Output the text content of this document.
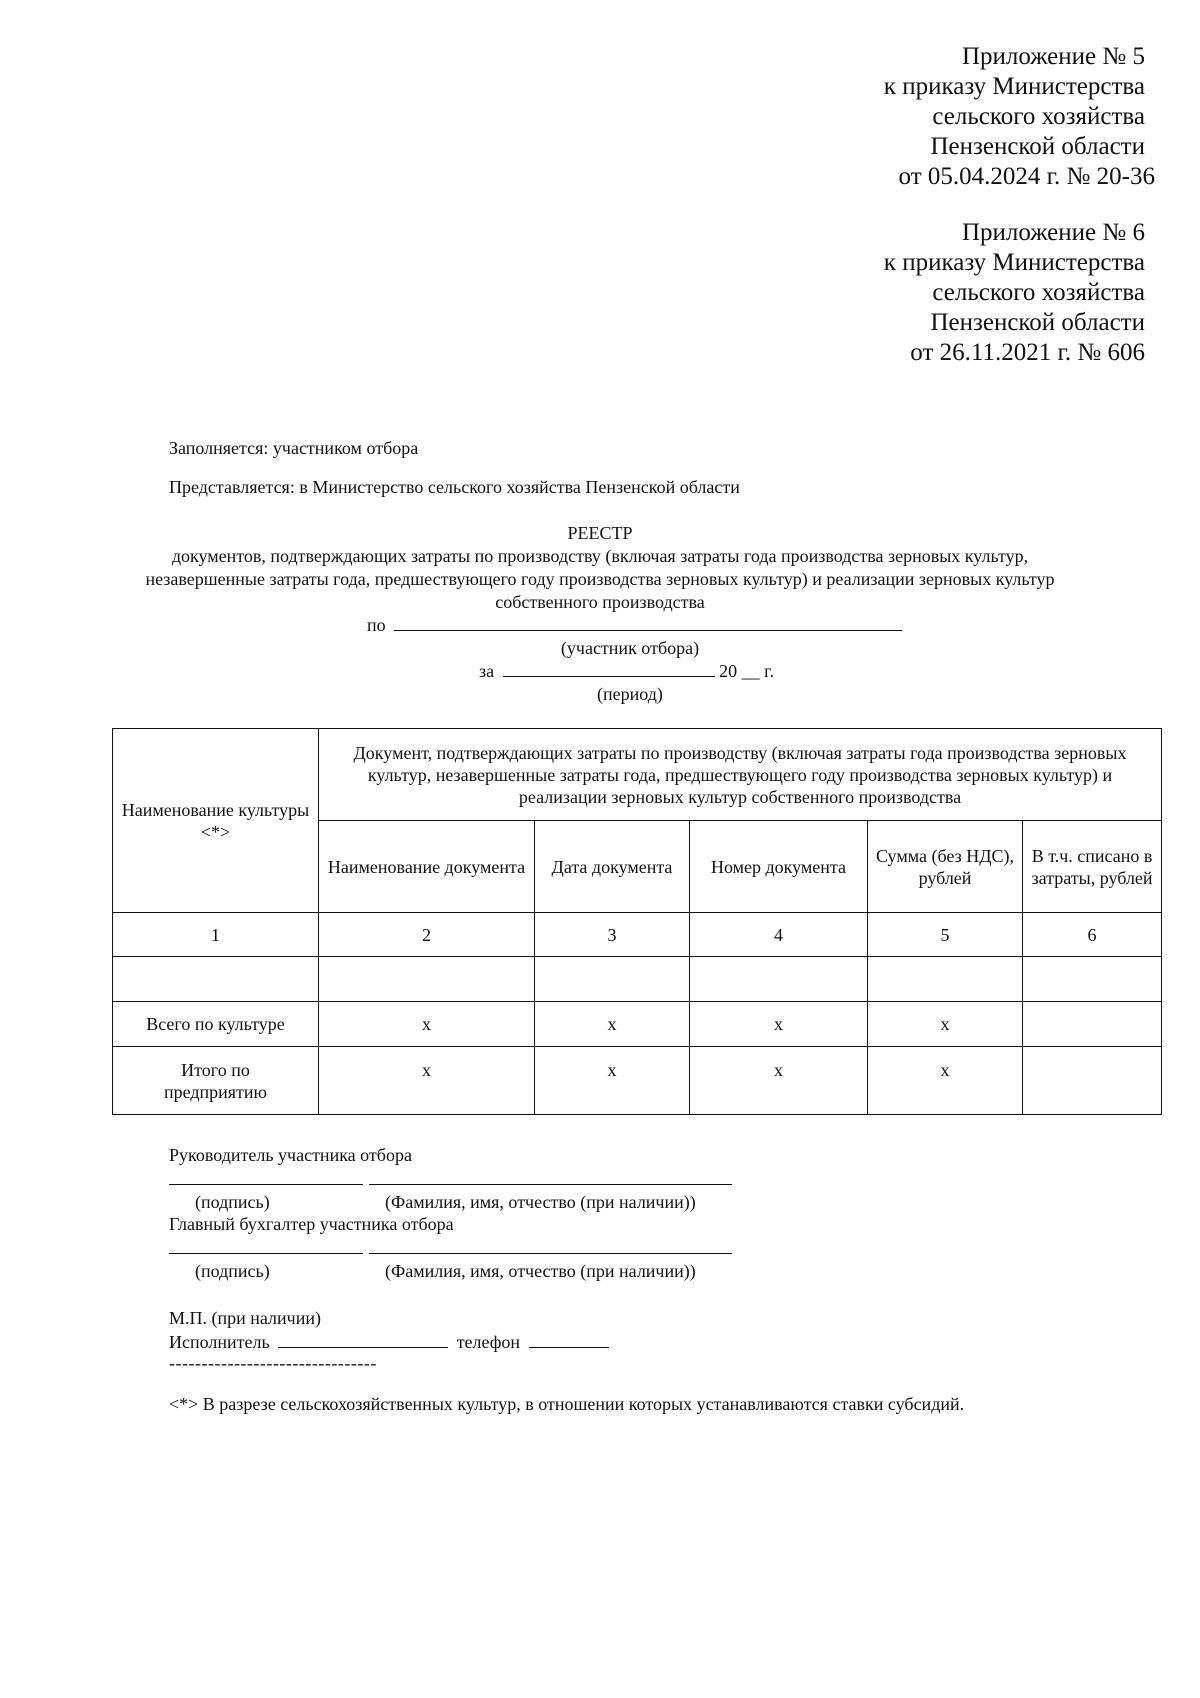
Приложение № 5
к приказу Министерства
сельского хозяйства
Пензенской области
от 05.04.2024 г. № 20-36
Приложение № 6
к приказу Министерства
сельского хозяйства
Пензенской области
от 26.11.2021 г. № 606
Заполняется: участником отбора
Представляется: в Министерство сельского хозяйства Пензенской области
РЕЕСТР
документов, подтверждающих затраты по производству (включая затраты года производства зерновых культур,
незавершенные затраты года, предшествующего году производства зерновых культур) и реализации зерновых культур
собственного производства
по
(участник отбора)
за	20 __ г.
(период)
Наименование культуры <*>	Документ, подтверждающих затраты по производству (включая затраты года производства зерновых культур, незавершенные затраты года, предшествующего году производства зерновых культур) и реализации зерновых культур собственного производства				
	Наименование документа	Дата документа	Номер документа	Сумма (без НДС), рублей	В т.ч. списано в затраты, рублей
1	2	3	4	5	6

Всего по культуре	x	x	x	x	
Итого по предприятию	x	x	x	x	
Руководитель участника отбора
(подпись)	(Фамилия, имя, отчество (при наличии))
Главный бухгалтер участника отбора
(подпись)	(Фамилия, имя, отчество (при наличии))
М.П. (при наличии)
Исполнитель	телефон
--------------------------------
<*> В разрезе сельскохозяйственных культур, в отношении которых устанавливаются ставки субсидий.
